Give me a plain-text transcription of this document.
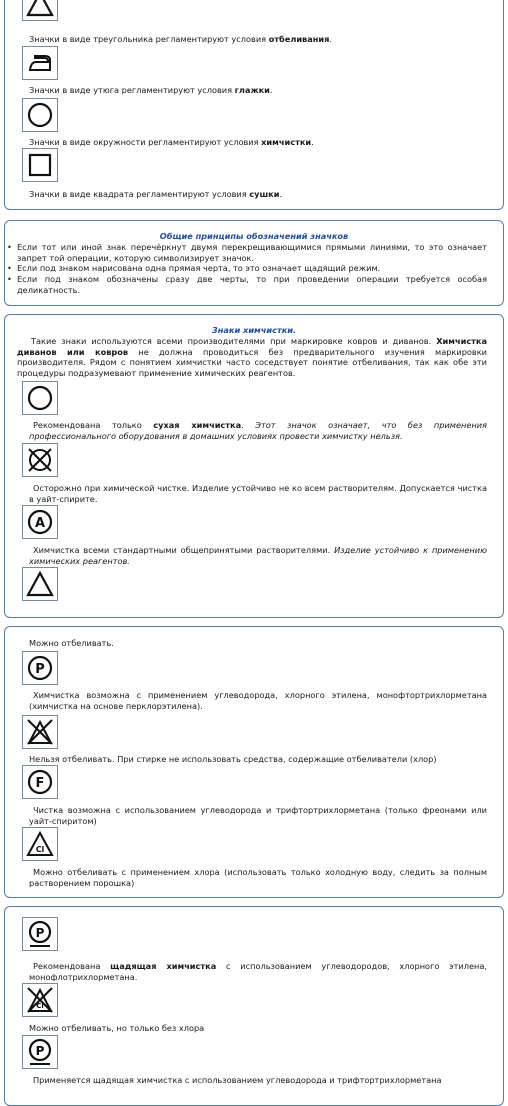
Значки в виде треугольника регламентируют условия отбеливания.
Значки в виде утюга регламентируют условия глажки.
Значки в виде окружности регламентируют условия химчистки.
Значки в виде квадрата регламентируют условия сушки.
Общие принципы обозначений значков
• Если тот или иной знак перечёркнут двумя перекрещивающимися прямыми линиями, то это означает запрет той операции, которую символизирует значок.
• Если под знаком нарисована одна прямая черта, то это означает щадящий режим.
• Если под знаком обозначены сразу две черты, то при проведении операции требуется особая деликатность.
Знаки химчистки.
Такие знаки используются всеми производителями при маркировке ковров и диванов. Химчистка диванов или ковров не должна проводиться без предварительного изучения маркировки производителя. Рядом с понятием химчистки часто соседствует понятие отбеливания, так как обе эти процедуры подразумевают применение химических реагентов.
Рекомендована только сухая химчистка. Этот значок означает, что без применения профессионального оборудования в домашних условиях провести химчистку нельзя.
Осторожно при химической чистке. Изделие устойчиво не ко всем растворителям. Допускается чистка в уайт-спирите.
A
Химчистка всеми стандартными общепринятыми растворителями. Изделие устойчиво к применению химических реагентов.
Можно отбеливать.
P
Химчистка возможна с применением углеводорода, хлорного этилена, монофтортрихлорметана (химчистка на основе перклорэтилена).
Нельзя отбеливать. При стирке не использовать средства, содержащие отбеливатели (хлор)
F
Чистка возможна с использованием углеводорода и трифтортрихлорметана (только фреонами или уайт-спиритом)
Cl
Можно отбеливать с применением хлора (использовать только холодную воду, следить за полным растворением порошка)
P
Рекомендована щадящая химчистка с использованием углеводородов, хлорного этилена, монофлотрихлорметана.
Cl
Можно отбеливать, но только без хлора
P
Применяется щадящая химчистка с использованием углеводорода и трифтортрихлорметана
